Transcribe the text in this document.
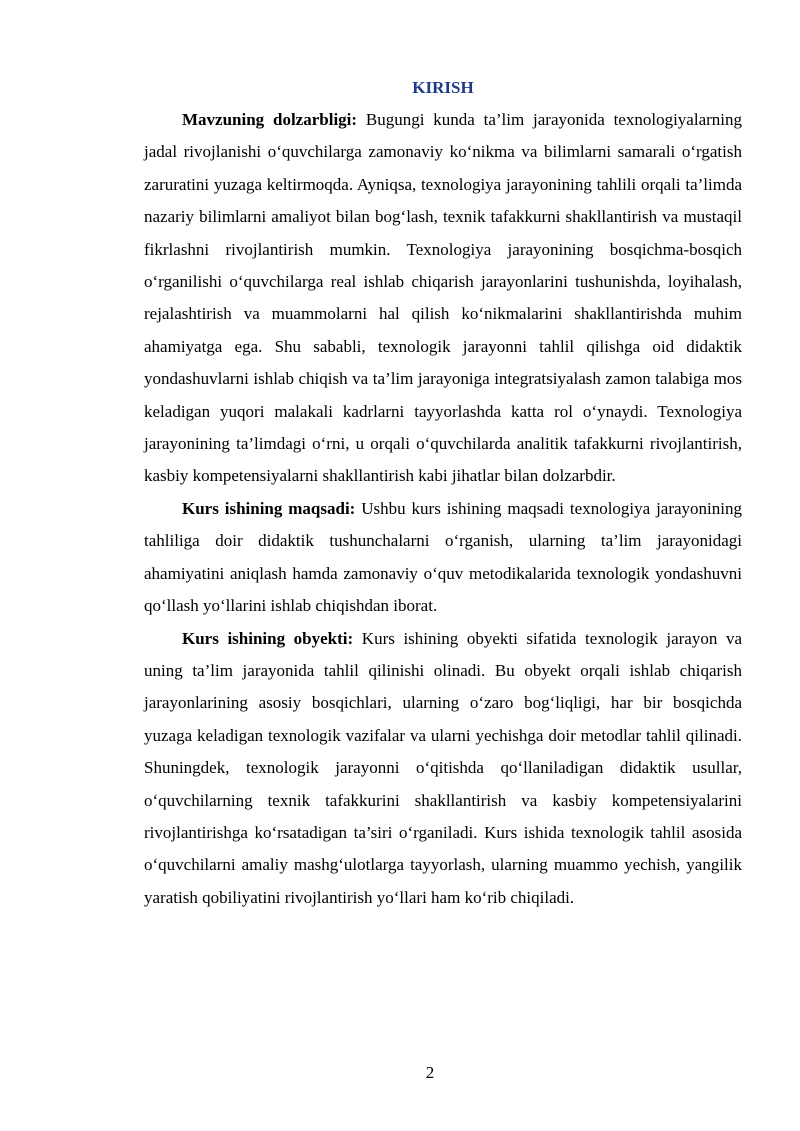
KIRISH

Mavzuning dolzarbligi: Bugungi kunda ta’lim jarayonida texnologiyalarning jadal rivojlanishi o‘quvchilarga zamonaviy ko‘nikma va bilimlarni samarali o‘rgatish zaruratini yuzaga keltirmoqda. Ayniqsa, texnologiya jarayonining tahlili orqali ta’limda nazariy bilimlarni amaliyot bilan bog‘lash, texnik tafakkurni shakllantirish va mustaqil fikrlashni rivojlantirish mumkin. Texnologiya jarayonining bosqichma-bosqich o‘rganilishi o‘quvchilarga real ishlab chiqarish jarayonlarini tushunishda, loyihalash, rejalashtirish va muammolarni hal qilish ko‘nikmalarini shakllantirishda muhim ahamiyatga ega. Shu sababli, texnologik jarayonni tahlil qilishga oid didaktik yondashuvlarni ishlab chiqish va ta’lim jarayoniga integratsiyalash zamon talabiga mos keladigan yuqori malakali kadrlarni tayyorlashda katta rol o‘ynaydi. Texnologiya jarayonining ta’limdagi o‘rni, u orqali o‘quvchilarda analitik tafakkurni rivojlantirish, kasbiy kompetensiyalarni shakllantirish kabi jihatlar bilan dolzarbdir.

Kurs ishining maqsadi: Ushbu kurs ishining maqsadi texnologiya jarayonining tahliliga doir didaktik tushunchalarni o‘rganish, ularning ta’lim jarayonidagi ahamiyatini aniqlash hamda zamonaviy o‘quv metodikalarida texnologik yondashuvni qo‘llash yo‘llarini ishlab chiqishdan iborat.

Kurs ishining obyekti: Kurs ishining obyekti sifatida texnologik jarayon va uning ta’lim jarayonida tahlil qilinishi olinadi. Bu obyekt orqali ishlab chiqarish jarayonlarining asosiy bosqichlari, ularning o‘zaro bog‘liqligi, har bir bosqichda yuzaga keladigan texnologik vazifalar va ularni yechishga doir metodlar tahlil qilinadi. Shuningdek, texnologik jarayonni o‘qitishda qo‘llaniladigan didaktik usullar, o‘quvchilarning texnik tafakkurini shakllantirish va kasbiy kompetensiyalarini rivojlantirishga ko‘rsatadigan ta’siri o‘rganiladi. Kurs ishida texnologik tahlil asosida o‘quvchilarni amaliy mashg‘ulotlarga tayyorlash, ularning muammo yechish, yangilik yaratish qobiliyatini rivojlantirish yo‘llari ham ko‘rib chiqiladi.

2
